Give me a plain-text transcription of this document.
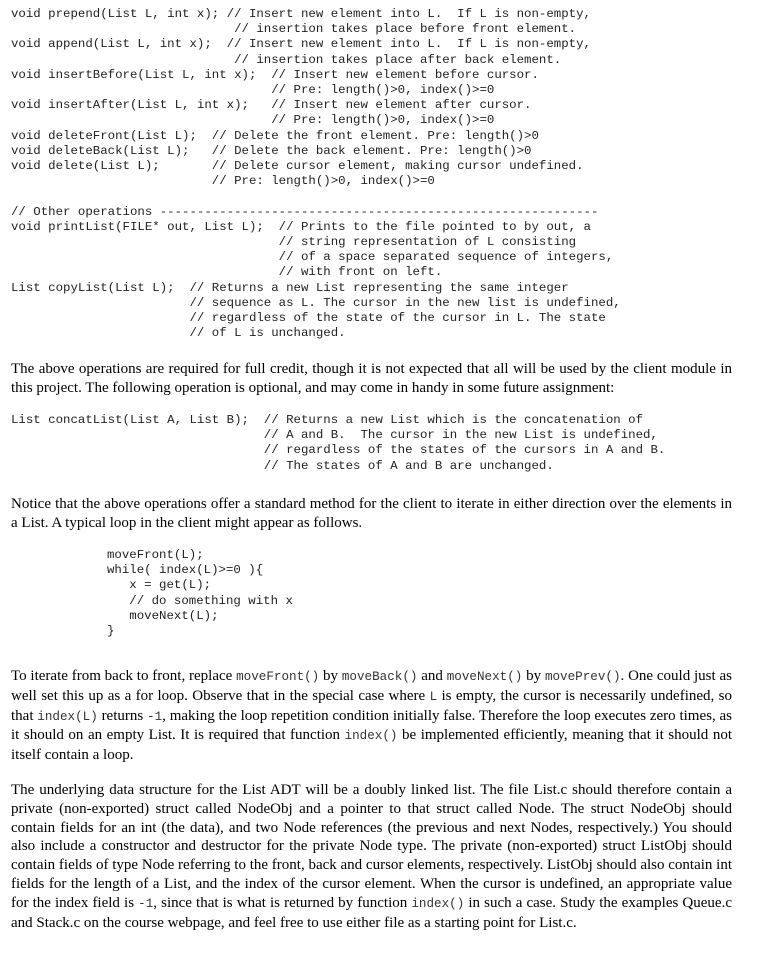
void prepend(List L, int x); // Insert new element into L.  If L is non-empty,
// insertion takes place before front element.
void append(List L, int x);  // Insert new element into L.  If L is non-empty,
// insertion takes place after back element.
void insertBefore(List L, int x);  // Insert new element before cursor.
// Pre: length()>0, index()>=0
void insertAfter(List L, int x);   // Insert new element after cursor.
// Pre: length()>0, index()>=0
void deleteFront(List L);  // Delete the front element. Pre: length()>0
void deleteBack(List L);   // Delete the back element. Pre: length()>0
void delete(List L);       // Delete cursor element, making cursor undefined.
// Pre: length()>0, index()>=0

// Other operations -----------------------------------------------------------
void printList(FILE* out, List L);  // Prints to the file pointed to by out, a
// string representation of L consisting
// of a space separated sequence of integers,
// with front on left.
List copyList(List L);  // Returns a new List representing the same integer
// sequence as L. The cursor in the new list is undefined,
// regardless of the state of the cursor in L. The state
// of L is unchanged.

The above operations are required for full credit, though it is not expected that all will be used by the client module in this project. The following operation is optional, and may come in handy in some future assignment:

List concatList(List A, List B);  // Returns a new List which is the concatenation of
// A and B.  The cursor in the new List is undefined,
// regardless of the states of the cursors in A and B.
// The states of A and B are unchanged.

Notice that the above operations offer a standard method for the client to iterate in either direction over the elements in a List. A typical loop in the client might appear as follows.

moveFront(L);
while( index(L)>=0 ){
x = get(L);
// do something with x
moveNext(L);
}

To iterate from back to front, replace moveFront() by moveBack() and moveNext() by movePrev(). One could just as well set this up as a for loop. Observe that in the special case where L is empty, the cursor is necessarily undefined, so that index(L) returns -1, making the loop repetition condition initially false. Therefore the loop executes zero times, as it should on an empty List. It is required that function index() be implemented efficiently, meaning that it should not itself contain a loop.

The underlying data structure for the List ADT will be a doubly linked list. The file List.c should therefore contain a private (non-exported) struct called NodeObj and a pointer to that struct called Node. The struct NodeObj should contain fields for an int (the data), and two Node references (the previous and next Nodes, respectively.) You should also include a constructor and destructor for the private Node type. The private (non-exported) struct ListObj should contain fields of type Node referring to the front, back and cursor elements, respectively. ListObj should also contain int fields for the length of a List, and the index of the cursor element. When the cursor is undefined, an appropriate value for the index field is -1, since that is what is returned by function index() in such a case. Study the examples Queue.c and Stack.c on the course webpage, and feel free to use either file as a starting point for List.c.
